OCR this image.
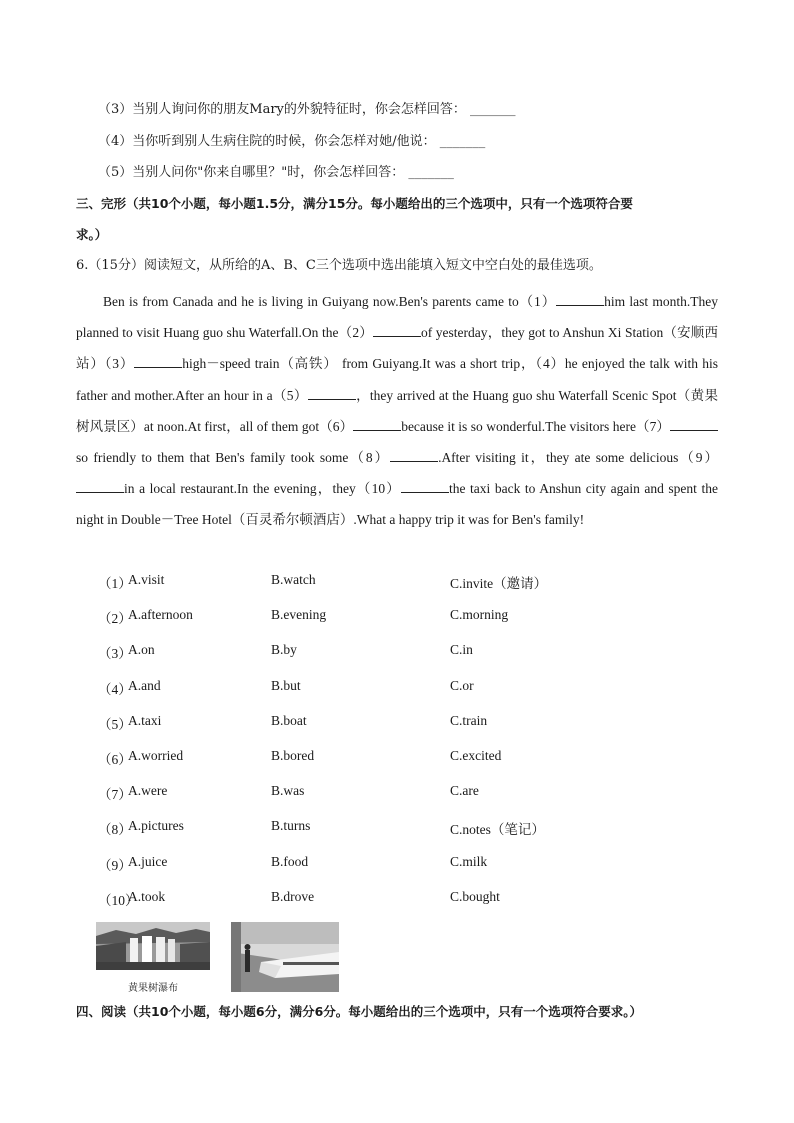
（3）当别人询问你的朋友Mary的外貌特征时，你会怎样回答： _______
（4）当你听到别人生病住院的时候，你会怎样对她/他说： _______
（5）当别人问你"你来自哪里？"时，你会怎样回答： _______
三、完形（共10个小题，每小题1.5分，满分15分。每小题给出的三个选项中，只有一个选项符合要
求。）
6.（15分）阅读短文，从所给的A、B、C三个选项中选出能填入短文中空白处的最佳选项。
Ben is from Canada and he is living in Guiyang now.Ben's parents came to（1）	him last month.They planned to visit Huang guo shu Waterfall.On the（2）	of yesterday，they got to Anshun Xi Station（安顺西站）（3）	high－speed train（高铁） from Guiyang.It was a short trip，（4）he enjoyed the talk with his father and mother.After an hour in a（5）	，they arrived at the Huang guo shu Waterfall Scenic Spot（黄果树风景区）at noon.At first，all of them got（6）	because it is so wonderful.The visitors here（7）so friendly to them that Ben's family took some（8）	.After visiting it，they ate some delicious（9）in a local restaurant.In the evening，they（10）	the taxi back to Anshun city again and spent the night in Double－Tree Hotel（百灵希尔顿酒店）.What a happy trip it was for Ben's family!
（1）
A.visit	B.watch	C.invite（邀请）
（2）
A.afternoon	B.evening	C.morning
（3）
A.on	B.by	C.in
（4）
A.and	B.but	C.or
（5）
A.taxi	B.boat	C.train
（6）
A.worried	B.bored	C.excited
（7）
A.were	B.was	C.are
（8）
A.pictures	B.turns	C.notes（笔记）
（9）
A.juice	B.food	C.milk
（10）
A.took	B.drove	C.bought
黄果树瀑布
四、阅读（共10个小题，每小题6分，满分6分。每小题给出的三个选项中，只有一个选项符合要求。）
